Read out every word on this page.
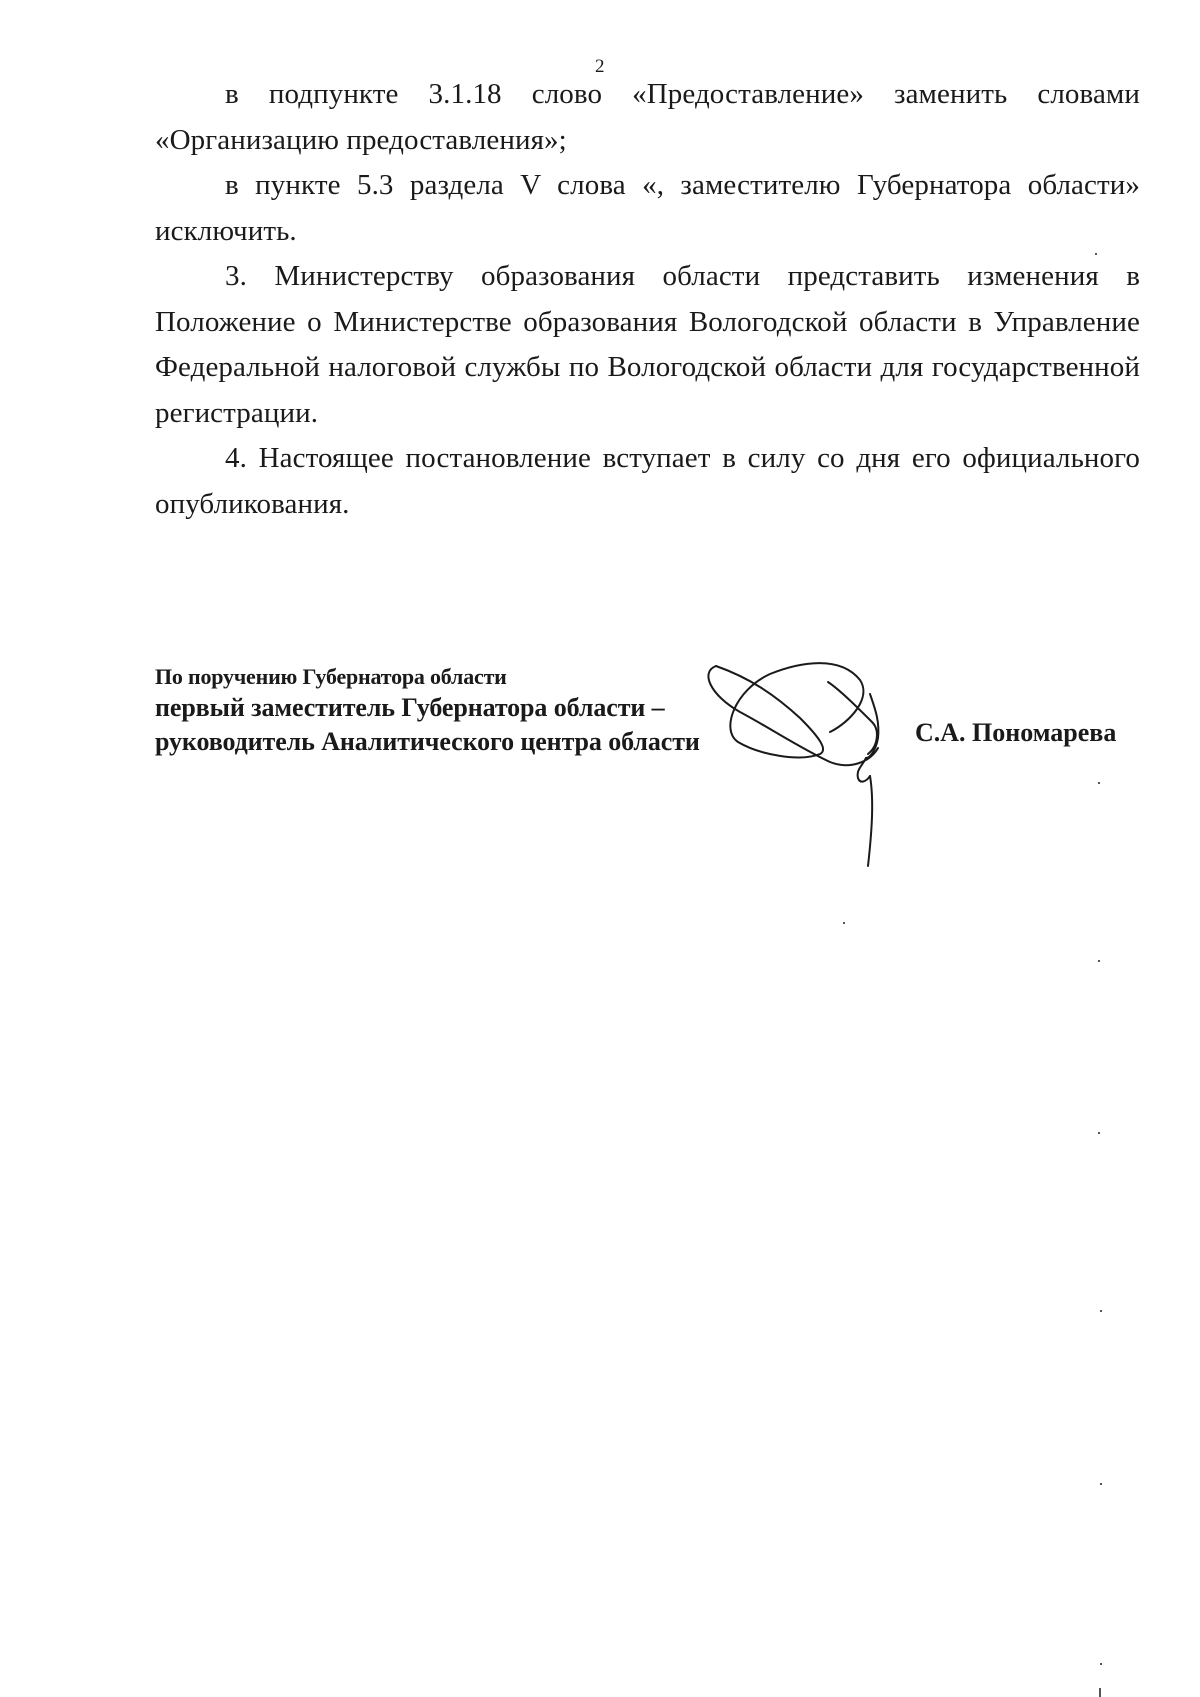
2

в подпункте 3.1.18 слово «Предоставление» заменить словами «Организацию предоставления»;

в пункте 5.3 раздела V слова «, заместителю Губернатора области» исключить.

3. Министерству образования области представить изменения в Положение о Министерстве образования Вологодской области в Управление Федеральной налоговой службы по Вологодской области для государственной регистрации.

4. Настоящее постановление вступает в силу со дня его официального опубликования.

По поручению Губернатора области
первый заместитель Губернатора области –
руководитель Аналитического центра области	С.А. Пономарева
